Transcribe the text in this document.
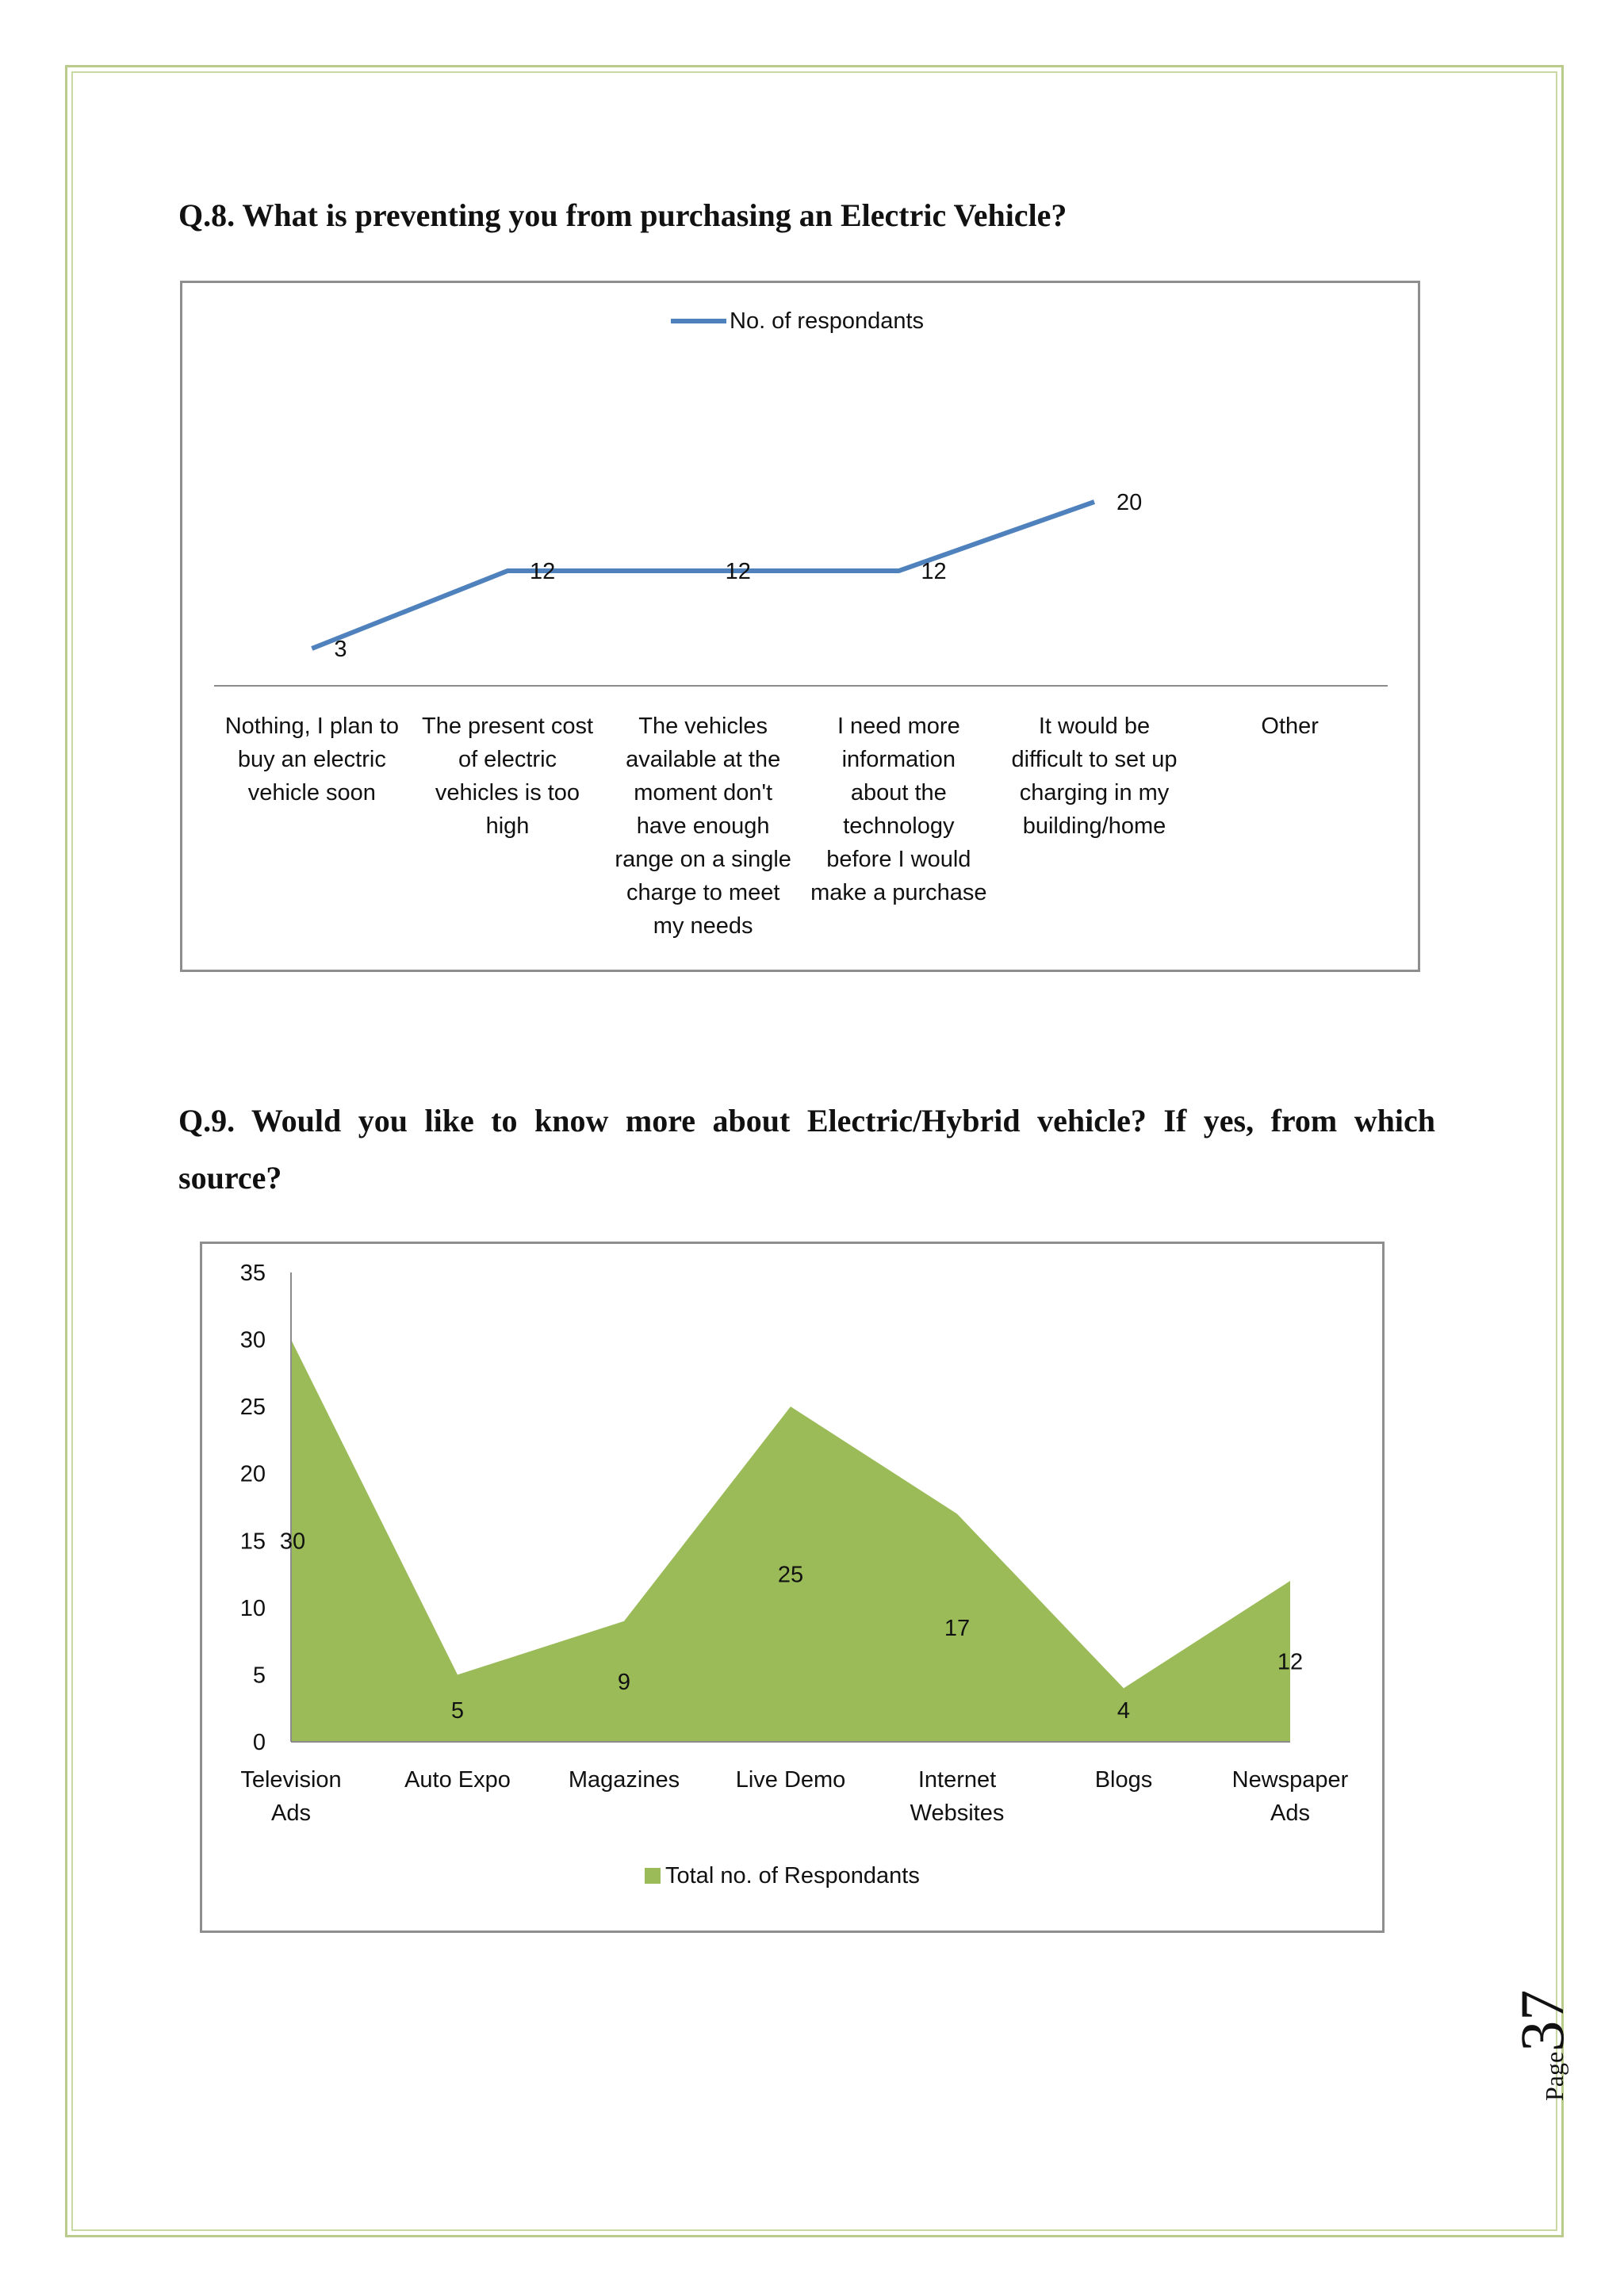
Q.8. What is preventing you from purchasing an Electric Vehicle?

No. of respondants
3
12	12	12
20
Nothing, I plan to buy an electric vehicle soon
The present cost of electric vehicles is too high
The vehicles available at the moment don't have enough range on a single charge to meet my needs
I need more information about the technology before I would make a purchase
It would be difficult to set up charging in my building/home
Other

Q.9. Would you like to know more about Electric/Hybrid vehicle? If yes, from which

source?

0
5
10
15
20
25
30
35
30
5
9
25
17
4
12
Television Ads
Auto Expo	Magazines Live Demo	Internet Websites
Blogs	Newspaper Ads
Total no. of Respondants
Page37
